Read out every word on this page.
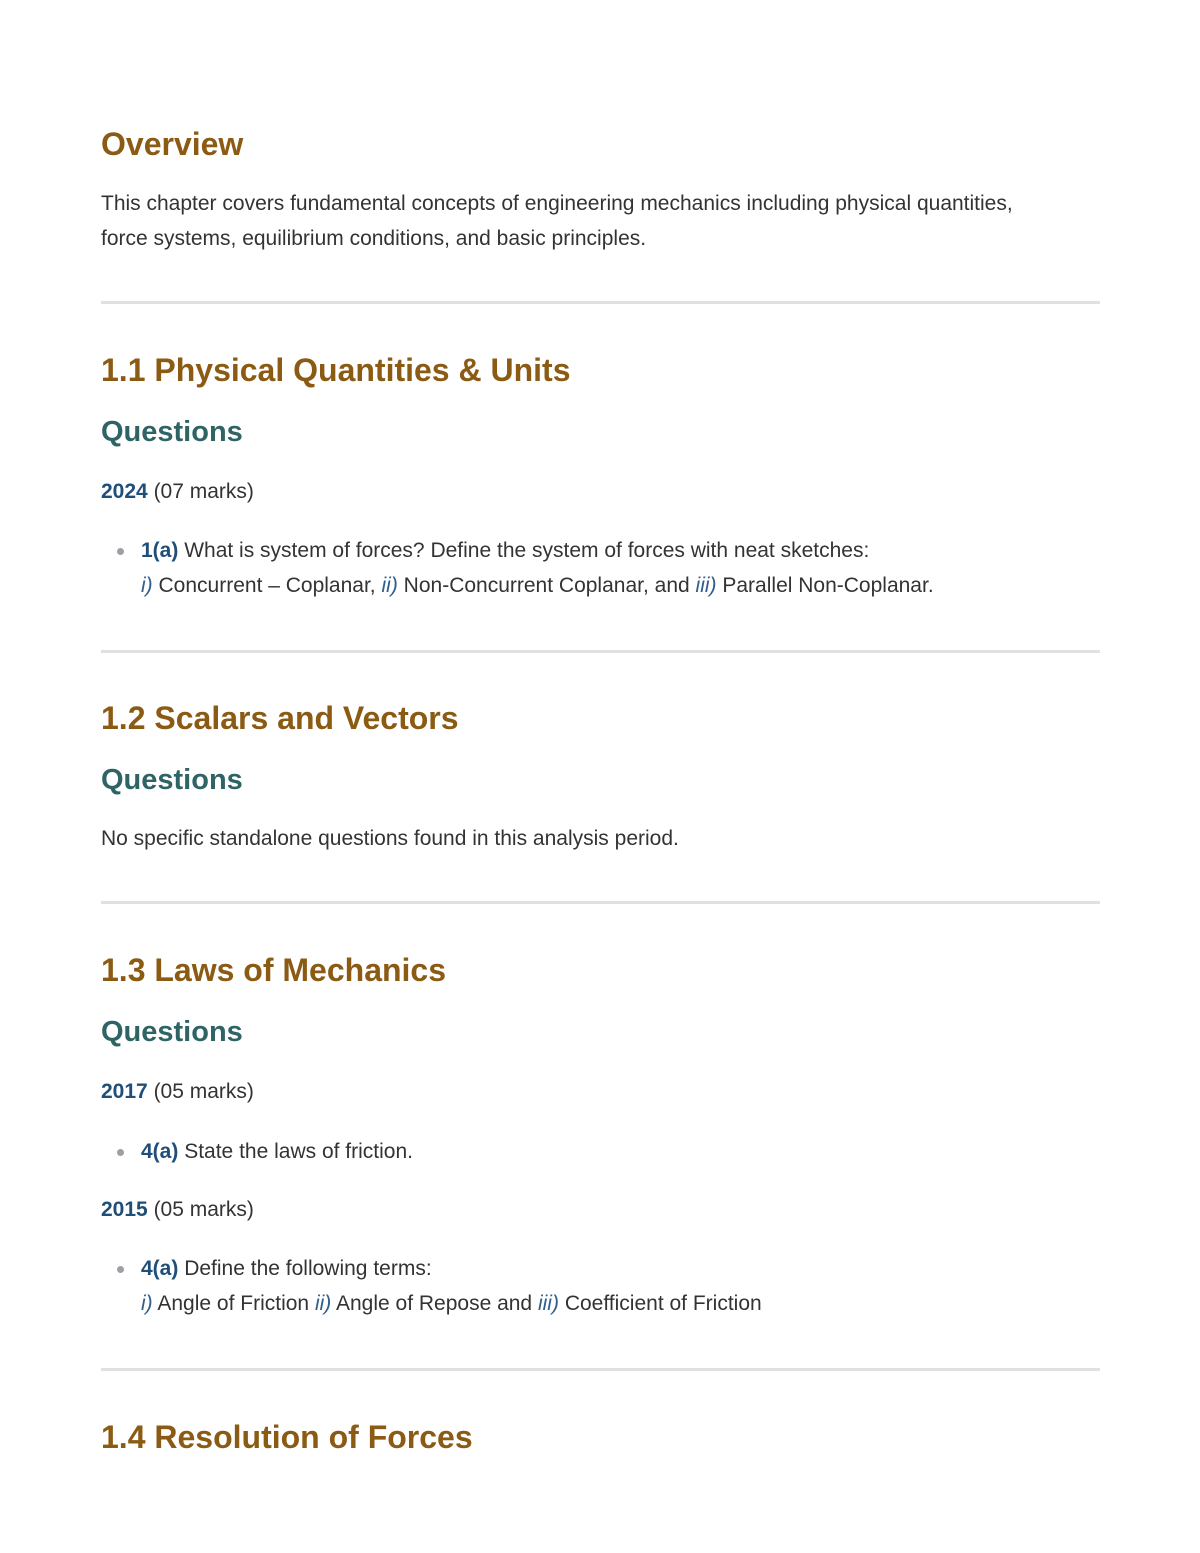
Overview

This chapter covers fundamental concepts of engineering mechanics including physical quantities, force systems, equilibrium conditions, and basic principles.

1.1 Physical Quantities & Units
Questions

2024 (07 marks)

1(a) What is system of forces? Define the system of forces with neat sketches:
i) Concurrent – Coplanar, ii) Non-Concurrent Coplanar, and iii) Parallel Non-Coplanar.
1.2 Scalars and Vectors
Questions

No specific standalone questions found in this analysis period.

1.3 Laws of Mechanics
Questions

2017 (05 marks)

4(a) State the laws of friction.

2015 (05 marks)

4(a) Define the following terms:
i) Angle of Friction ii) Angle of Repose and iii) Coefficient of Friction
1.4 Resolution of Forces
